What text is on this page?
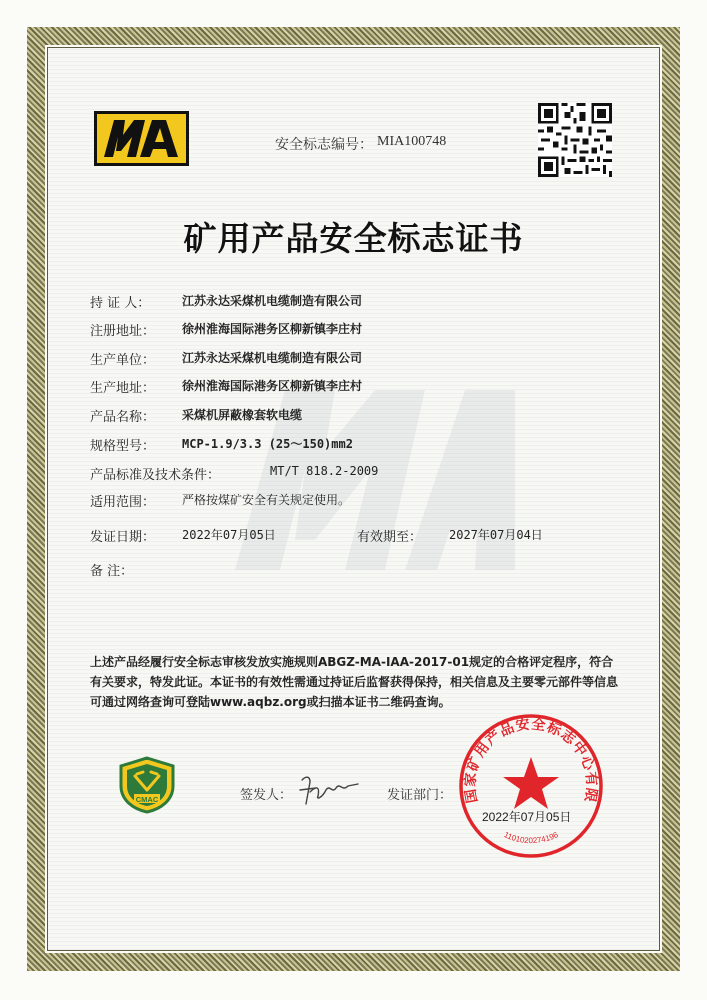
安全标志编号： MIA100748
矿用产品安全标志证书
持 证 人：	江苏永达采煤机电缆制造有限公司
注册地址： 徐州淮海国际港务区柳新镇李庄村
生产单位： 江苏永达采煤机电缆制造有限公司
生产地址： 徐州淮海国际港务区柳新镇李庄村
产品名称： 采煤机屏蔽橡套软电缆
规格型号： MCP-1.9/3.3 (25～150)mm2
产品标准及技术条件：	MT/T 818.2-2009
适用范围： 严格按煤矿安全有关规定使用。
发证日期： 2022年07月05日	有效期至： 2027年07月04日
备 注：
上述产品经履行安全标志审核发放实施规则ABGZ-MA-IAA-2017-01规定的合格评定程序，符合有关要求，特发此证。本证书的有效性需通过持证后监督获得保持，相关信息及主要零元部件等信息可通过网络查询可登陆www.aqbz.org或扫描本证书二维码查询。
CMAC	签发人：	发证部门： 国家矿用产品安全标志中心有限
1101020274196
2022年07月05日
